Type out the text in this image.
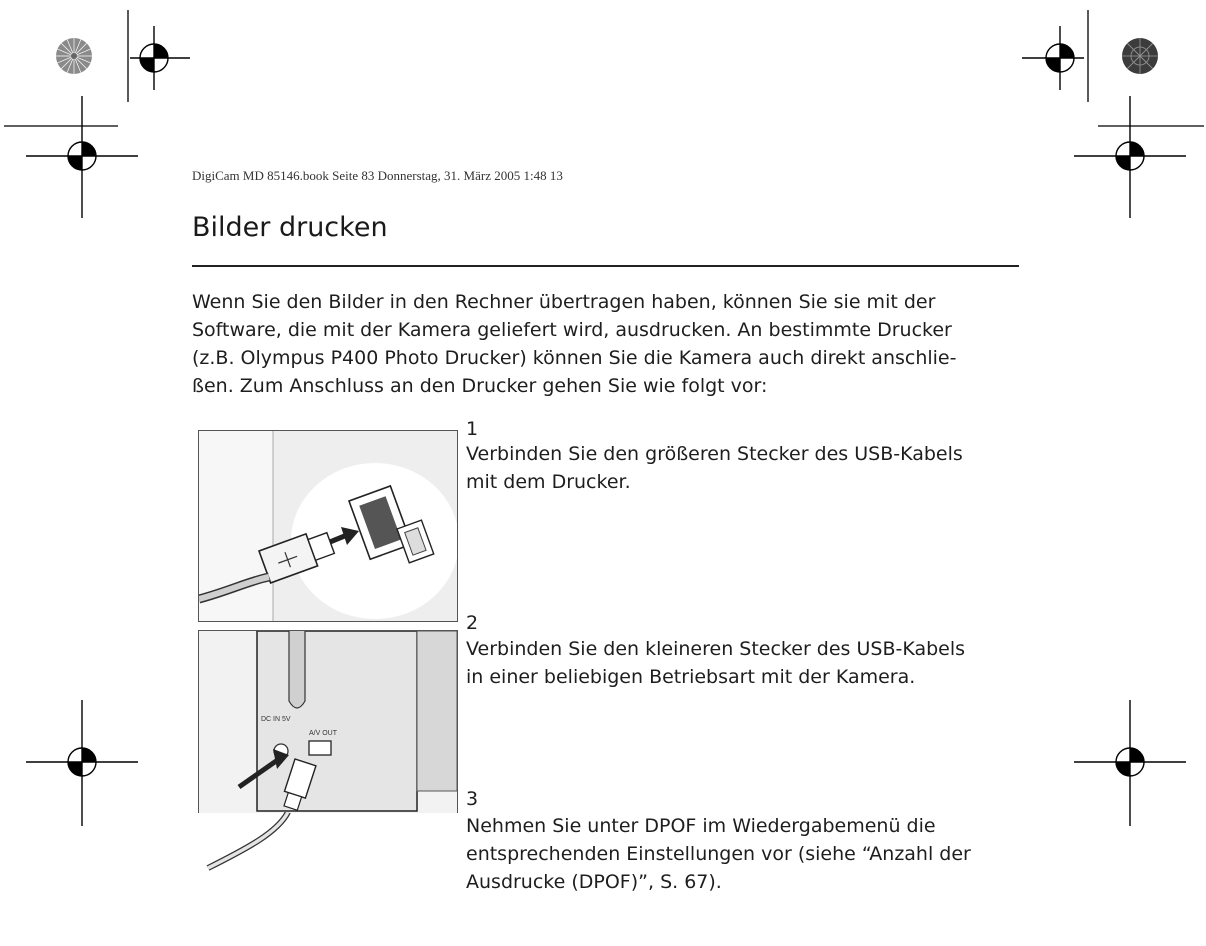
DigiCam MD 85146.book Seite 83 Donnerstag, 31. März 2005 1:48 13
Bilder drucken
Wenn Sie den Bilder in den Rechner übertragen haben, können Sie sie mit der
Software, die mit der Kamera geliefert wird, ausdrucken. An bestimmte Drucker
(z.B. Olympus P400 Photo Drucker) können Sie die Kamera auch direkt anschlie-
ßen. Zum Anschluss an den Drucker gehen Sie wie folgt vor:
1
Verbinden Sie den größeren Stecker des USB-Kabels
mit dem Drucker.
DC IN 5V
A/V OUT
2
Verbinden Sie den kleineren Stecker des USB-Kabels
in einer beliebigen Betriebsart mit der Kamera.
3
Nehmen Sie unter DPOF im Wiedergabemenü die
entsprechenden Einstellungen vor (siehe “Anzahl der
Ausdrucke (DPOF)”, S. 67).
